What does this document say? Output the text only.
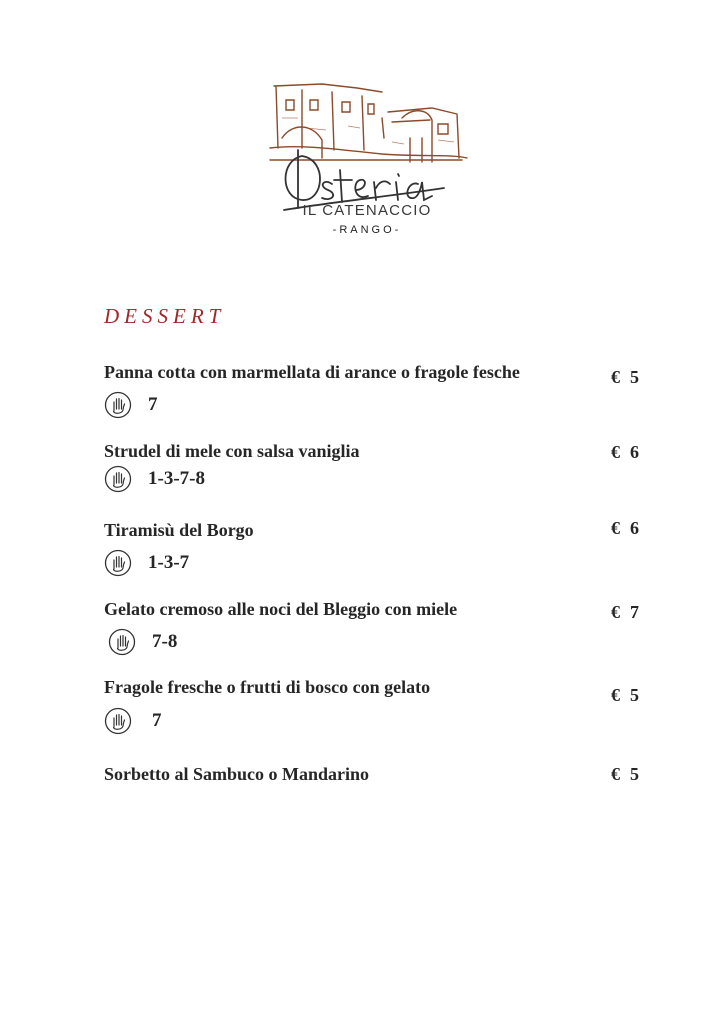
IL CATENACCIO
-RANGO-
DESSERT
Panna cotta con marmellata di arance o fragole fesche	€ 5
7
Strudel di mele con salsa vaniglia	€ 6
1-3-7-8
Tiramisù del Borgo	€ 6
1-3-7
Gelato cremoso alle noci del Bleggio con miele	€ 7
7-8
Fragole fresche o frutti di bosco con gelato	€ 5
7
Sorbetto al Sambuco o Mandarino	€ 5
